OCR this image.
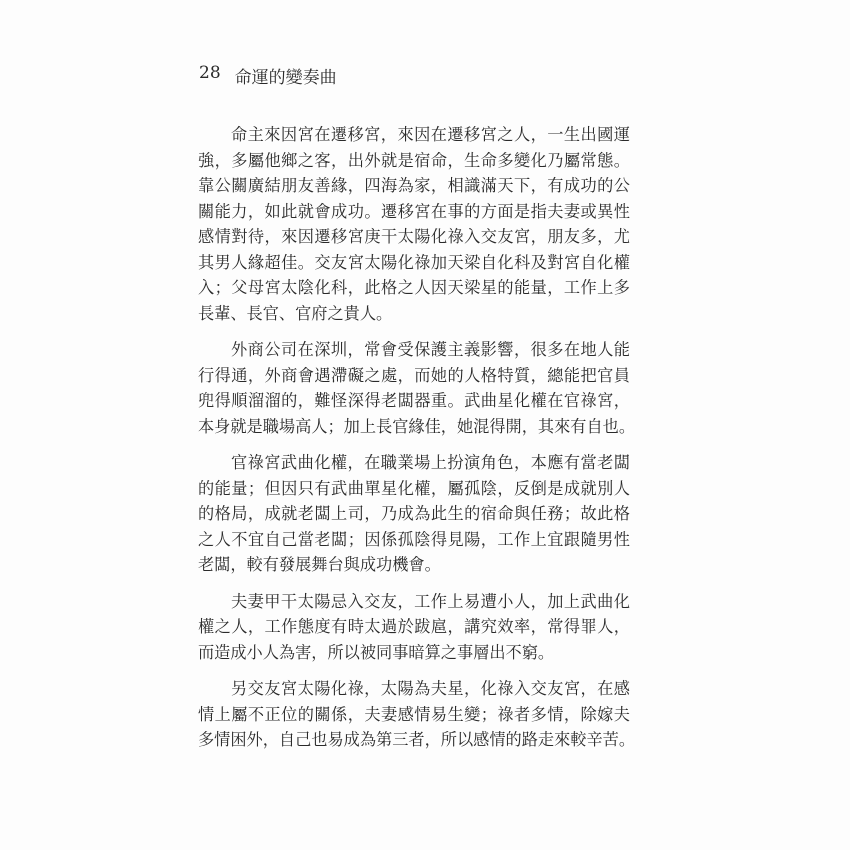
28 命運的變奏曲
命主來因宮在遷移宮，來因在遷移宮之人，一生出國運
強，多屬他鄉之客，出外就是宿命，生命多變化乃屬常態。
靠公關廣結朋友善緣，四海為家，相識滿天下，有成功的公
關能力，如此就會成功。遷移宮在事的方面是指夫妻或異性
感情對待，來因遷移宮庚干太陽化祿入交友宮，朋友多，尤
其男人緣超佳。交友宮太陽化祿加天梁自化科及對宮自化權
入；父母宮太陰化科，此格之人因天梁星的能量，工作上多
長輩、長官、官府之貴人。
外商公司在深圳，常會受保護主義影響，很多在地人能
行得通，外商會遇滯礙之處，而她的人格特質，總能把官員
兜得順溜溜的，難怪深得老闆器重。武曲星化權在官祿宮，
本身就是職場高人；加上長官緣佳，她混得開，其來有自也。
官祿宮武曲化權，在職業場上扮演角色，本應有當老闆
的能量；但因只有武曲單星化權，屬孤陰，反倒是成就別人
的格局，成就老闆上司，乃成為此生的宿命與任務；故此格
之人不宜自己當老闆；因係孤陰得見陽，工作上宜跟隨男性
老闆，較有發展舞台與成功機會。
夫妻甲干太陽忌入交友，工作上易遭小人，加上武曲化
權之人，工作態度有時太過於跋扈，講究效率，常得罪人，
而造成小人為害，所以被同事暗算之事層出不窮。
另交友宮太陽化祿，太陽為夫星，化祿入交友宮，在感
情上屬不正位的關係，夫妻感情易生變；祿者多情，除嫁夫
多情困外，自己也易成為第三者，所以感情的路走來較辛苦。
